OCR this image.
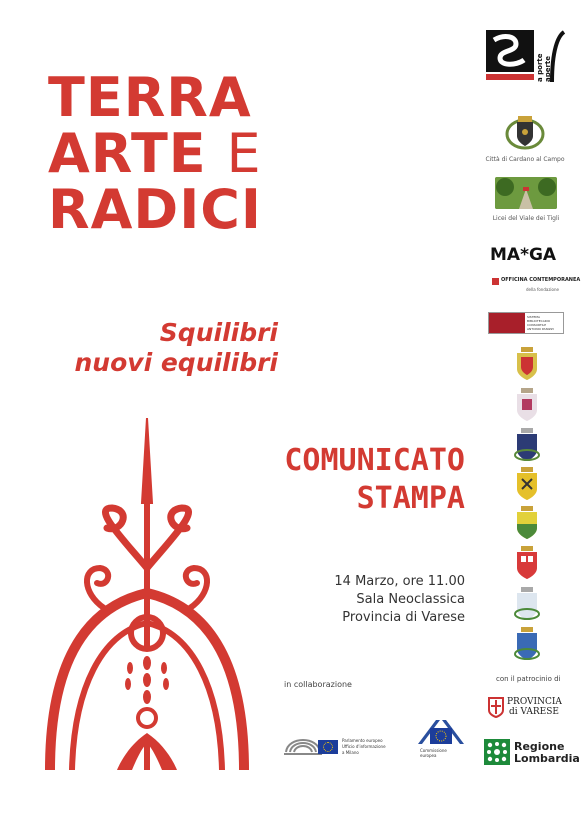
TERRA
ARTE E
RADICI
Squilibri
nuovi equilibri
COMUNICATO
STAMPA
14 Marzo, ore 11.00
Sala Neoclassica
Provincia di Varese
in collaborazione
con il patrocinio di
a porte aperte
Città di Cardano al Campo
Licei del Viale dei Tigli
MA*GA
OFFICINA CONTEMPORANEA
della fondazione
SISTEMA BIBLIOTECARIO CONSORTILE ANTONIO PANIZZI
PROVINCIA
di VARESE
Regione
Lombardia
Parlamento europeo
Ufficio d'informazione
a Milano	Commissione europea
